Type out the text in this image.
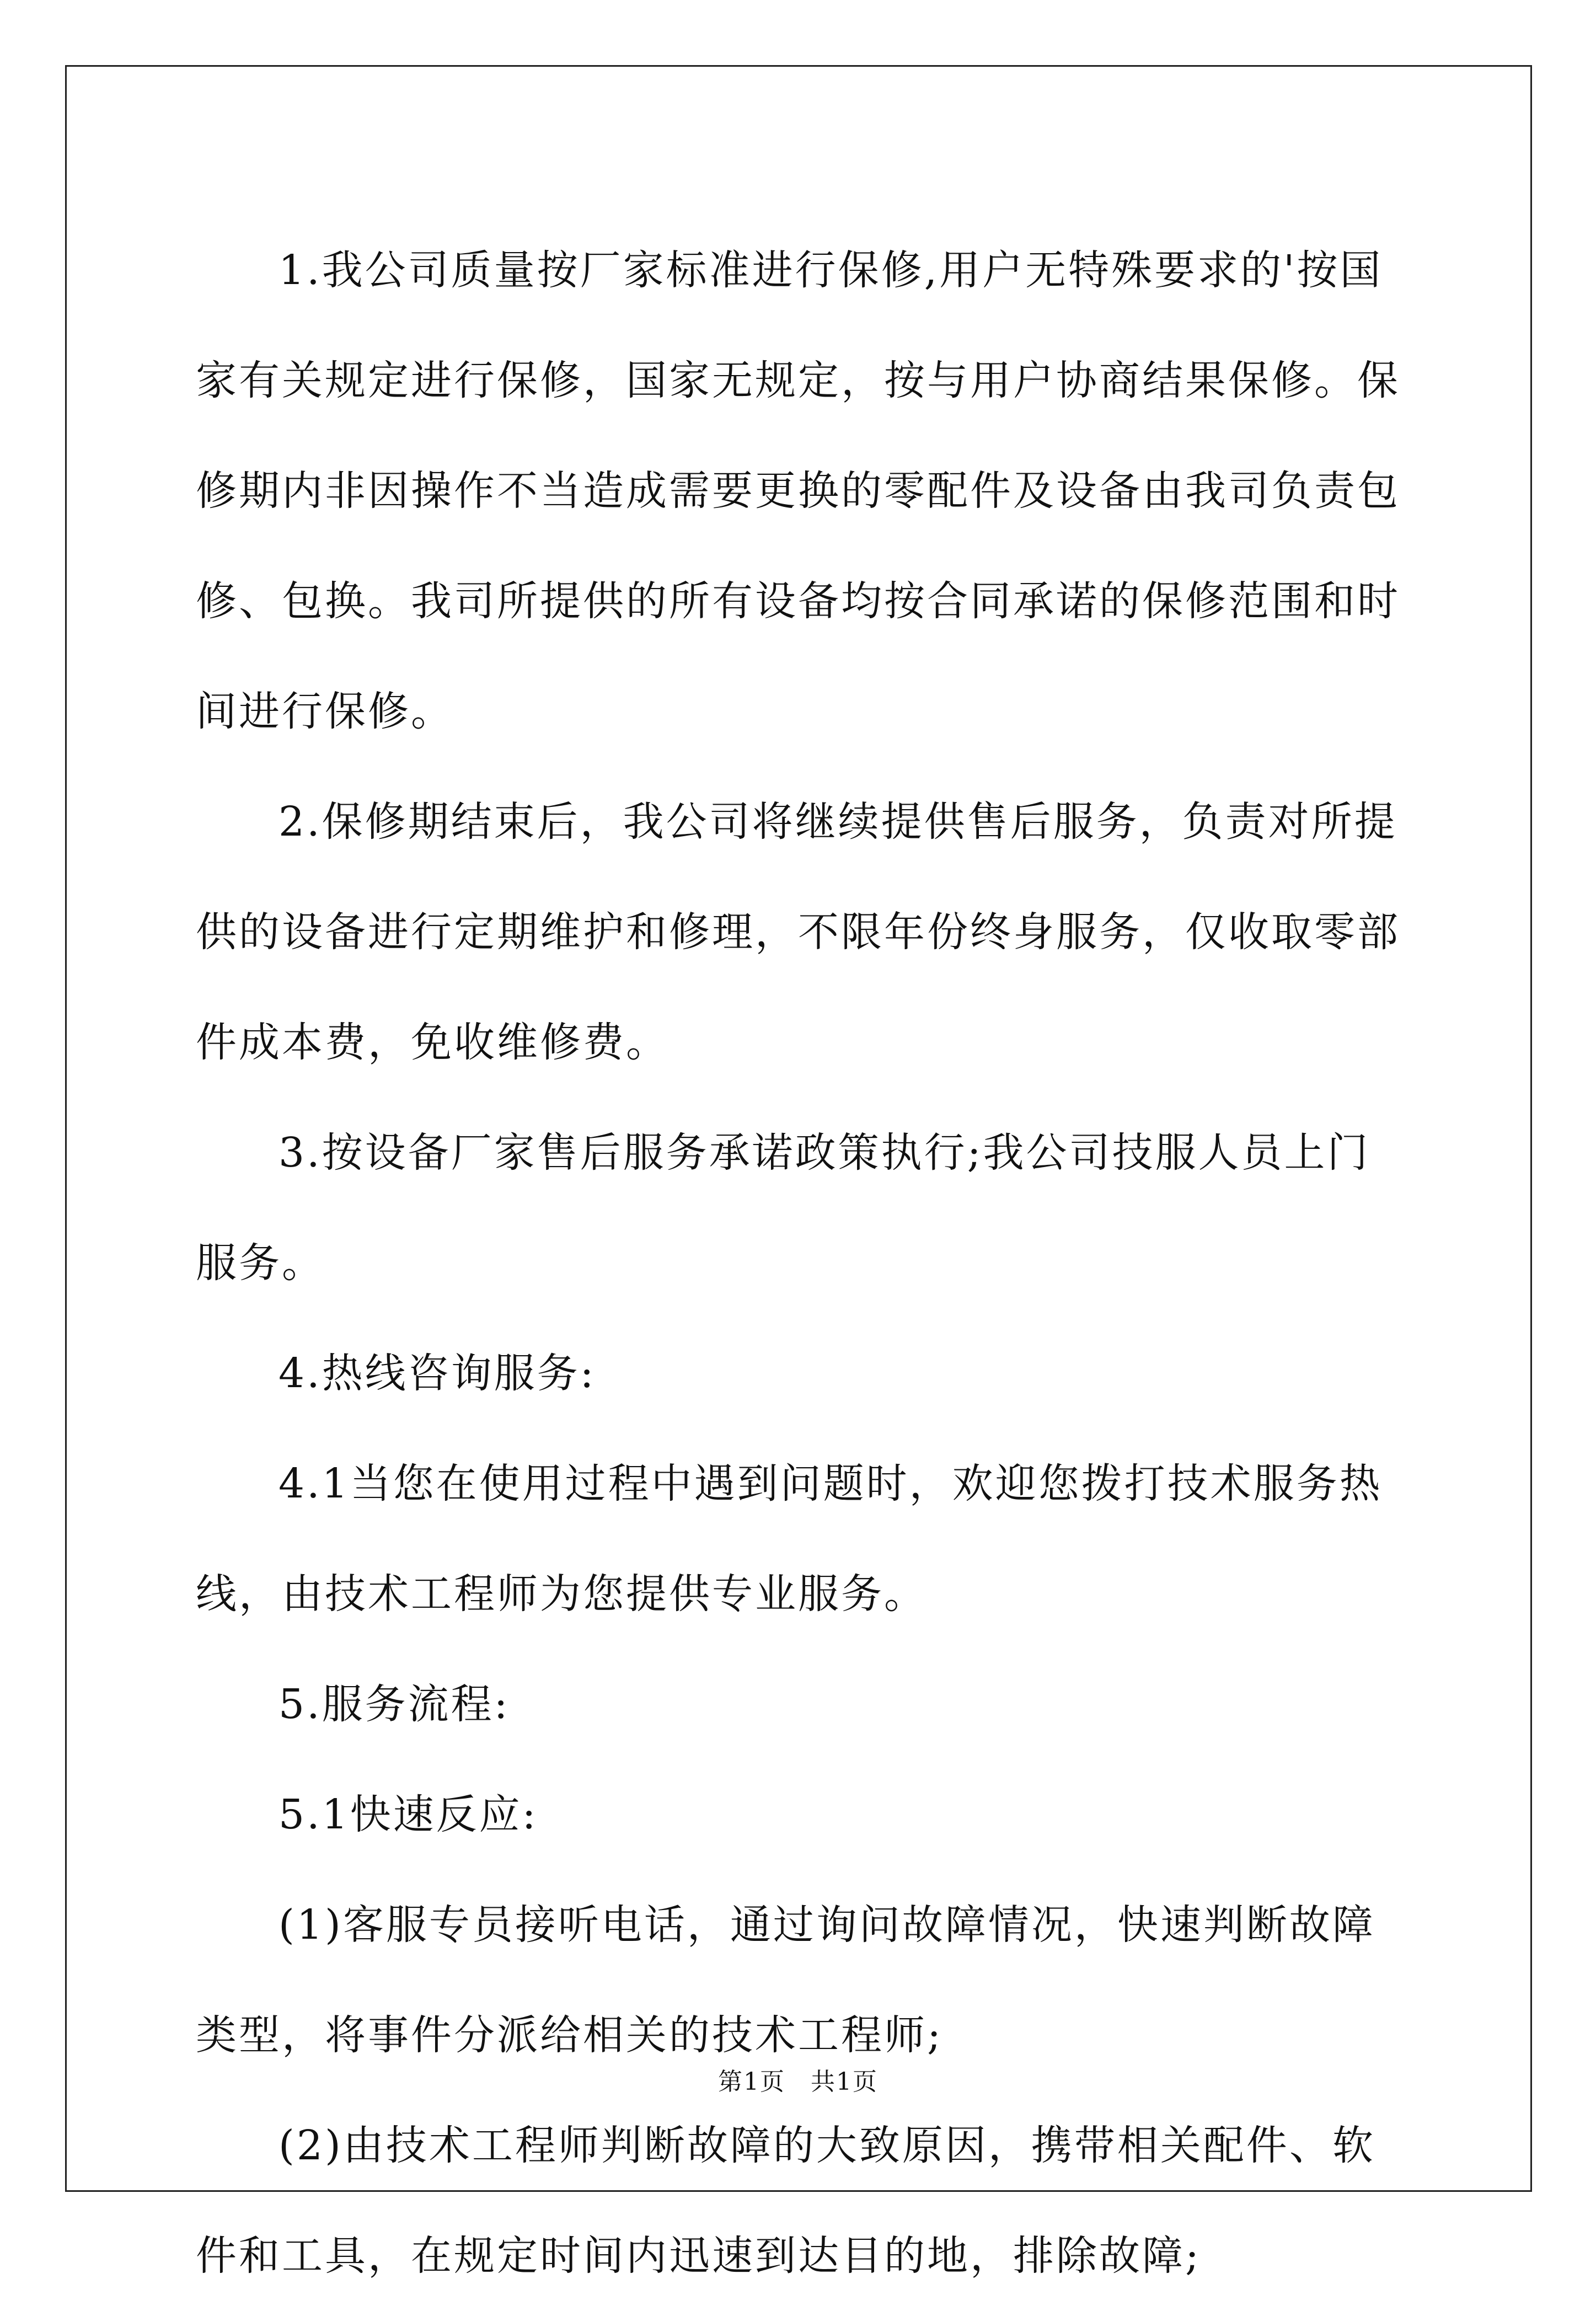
1.我公司质量按厂家标准进行保修,用户无特殊要求的'按国家有关规定进行保修，国家无规定，按与用户协商结果保修。保修期内非因操作不当造成需要更换的零配件及设备由我司负责包修、包换。我司所提供的所有设备均按合同承诺的保修范围和时间进行保修。

2.保修期结束后，我公司将继续提供售后服务，负责对所提供的设备进行定期维护和修理，不限年份终身服务，仅收取零部件成本费，免收维修费。

3.按设备厂家售后服务承诺政策执行;我公司技服人员上门服务。

4.热线咨询服务:

4.1当您在使用过程中遇到问题时，欢迎您拨打技术服务热线，由技术工程师为您提供专业服务。

5.服务流程:

5.1快速反应:

(1)客服专员接听电话，通过询问故障情况，快速判断故障类型，将事件分派给相关的技术工程师;

(2)由技术工程师判断故障的大致原因，携带相关配件、软件和工具，在规定时间内迅速到达目的地，排除故障;

第1页　共1页
